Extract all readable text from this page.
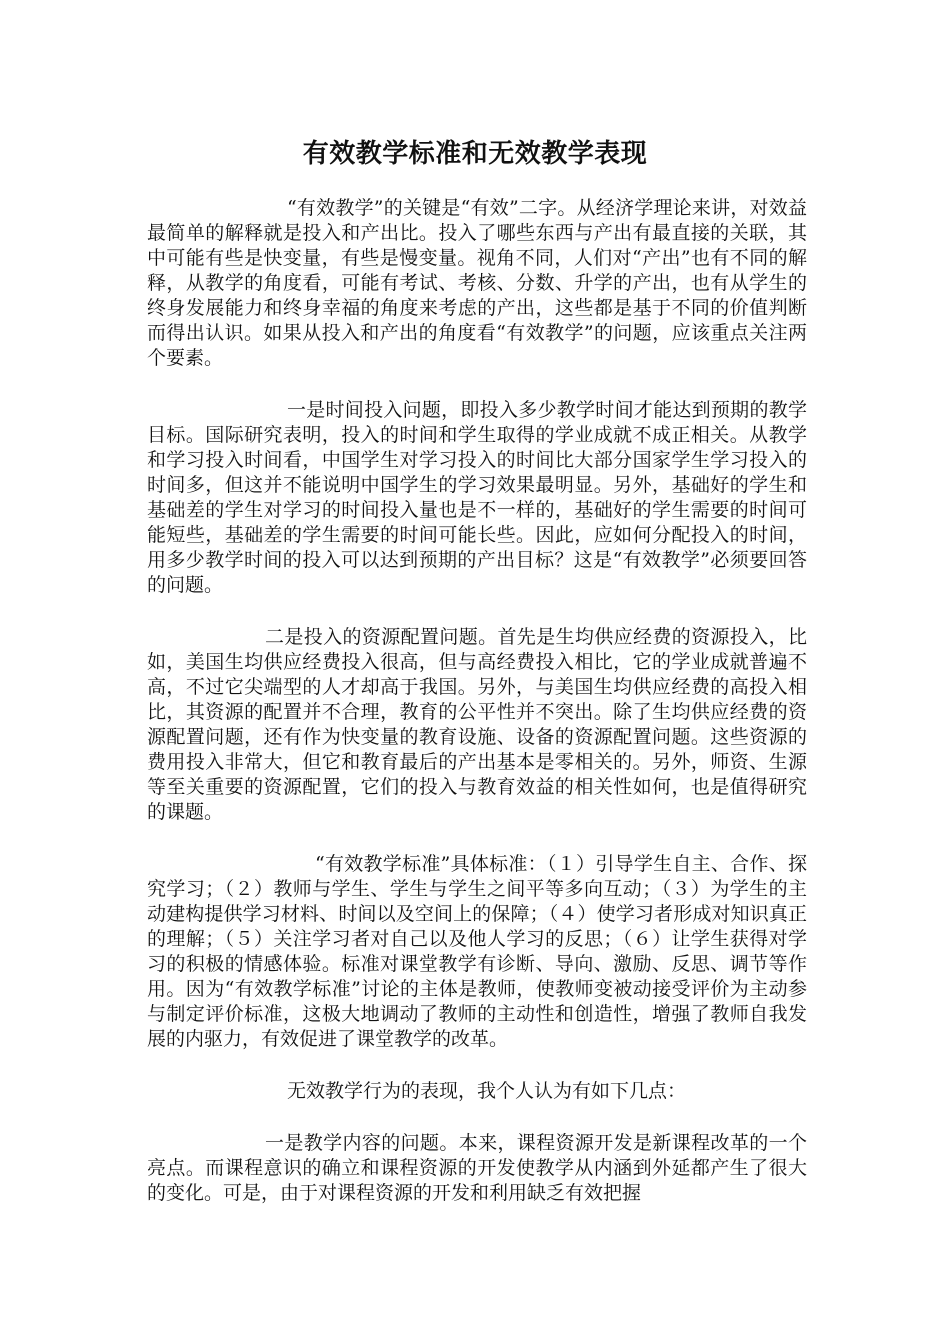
有效教学标准和无效教学表现

“有效教学”的关键是“有效”二字。从经济学理论来讲，对效益最简单的解释就是投入和产出比。投入了哪些东西与产出有最直接的关联，其中可能有些是快变量，有些是慢变量。视角不同，人们对“产出”也有不同的解释，从教学的角度看，可能有考试、考核、分数、升学的产出，也有从学生的终身发展能力和终身幸福的角度来考虑的产出，这些都是基于不同的价值判断而得出认识。如果从投入和产出的角度看“有效教学”的问题，应该重点关注两个要素。

一是时间投入问题，即投入多少教学时间才能达到预期的教学目标。国际研究表明，投入的时间和学生取得的学业成就不成正相关。从教学和学习投入时间看，中国学生对学习投入的时间比大部分国家学生学习投入的时间多，但这并不能说明中国学生的学习效果最明显。另外，基础好的学生和基础差的学生对学习的时间投入量也是不一样的，基础好的学生需要的时间可能短些，基础差的学生需要的时间可能长些。因此，应如何分配投入的时间，用多少教学时间的投入可以达到预期的产出目标？这是“有效教学”必须要回答的问题。

二是投入的资源配置问题。首先是生均供应经费的资源投入，比如，美国生均供应经费投入很高，但与高经费投入相比，它的学业成就普遍不高，不过它尖端型的人才却高于我国。另外，与美国生均供应经费的高投入相比，其资源的配置并不合理，教育的公平性并不突出。除了生均供应经费的资源配置问题，还有作为快变量的教育设施、设备的资源配置问题。这些资源的费用投入非常大，但它和教育最后的产出基本是零相关的。另外，师资、生源等至关重要的资源配置，它们的投入与教育效益的相关性如何，也是值得研究的课题。

“有效教学标准”具体标准：（１）引导学生自主、合作、探究学习；（２）教师与学生、学生与学生之间平等多向互动；（３）为学生的主动建构提供学习材料、时间以及空间上的保障；（４）使学习者形成对知识真正的理解；（５）关注学习者对自己以及他人学习的反思；（６）让学生获得对学习的积极的情感体验。标准对课堂教学有诊断、导向、激励、反思、调节等作用。因为“有效教学标准”讨论的主体是教师，使教师变被动接受评价为主动参与制定评价标准，这极大地调动了教师的主动性和创造性，增强了教师自我发展的内驱力，有效促进了课堂教学的改革。

无效教学行为的表现，我个人认为有如下几点：

一是教学内容的问题。本来，课程资源开发是新课程改革的一个亮点。而课程意识的确立和课程资源的开发使教学从内涵到外延都产生了很大的变化。可是，由于对课程资源的开发和利用缺乏有效把握
